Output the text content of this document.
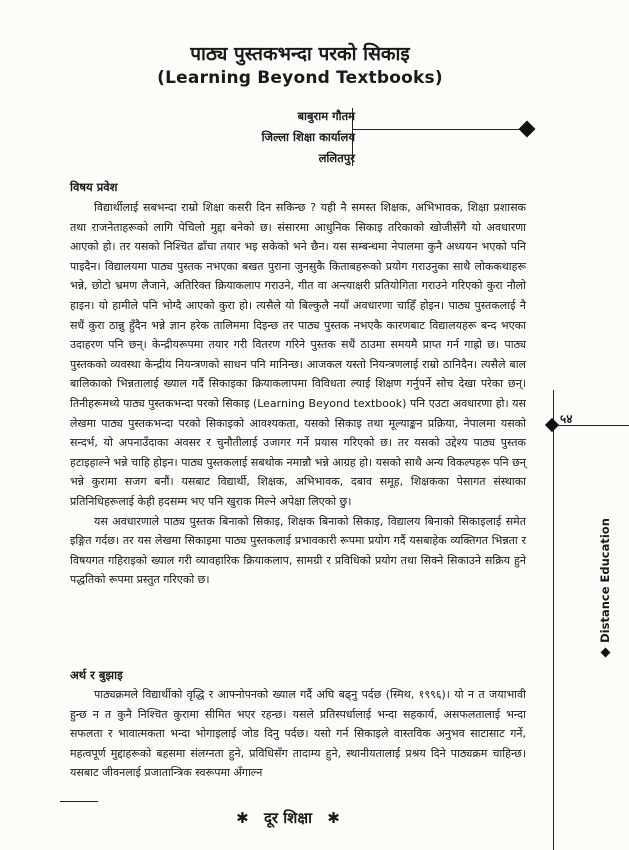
पाठ्य पुस्तकभन्दा परको सिकाइ
(Learning Beyond Textbooks)
बाबुराम गौतम
जिल्ला शिक्षा कार्यालय
ललितपुर
विषय प्रवेश

विद्यार्थीलाई सबभन्दा राम्रो शिक्षा कसरी दिन सकिन्छ ? यही नै समस्त शिक्षक, अभिभावक, शिक्षा प्रशासक तथा राजनेताहरूको लागि पेचिलो मुद्दा बनेको छ। संसारमा आधुनिक सिकाइ तरिकाको खोजीसँगै यो अवधारणा आएको हो। तर यसको निश्चित ढाँचा तयार भइ सकेको भने छैन। यस सम्बन्धमा नेपालमा कुनै अध्ययन भएको पनि पाइदैन। विद्यालयमा पाठ्य पुस्तक नभएका बखत पुराना जुनसुकै किताबहरूको प्रयोग गराउनुका साथै लोककथाहरू भन्ने, छोटो भ्रमण लैजाने, अतिरिक्त क्रियाकलाप गराउने, गीत वा अन्त्याक्षरी प्रतियोगिता गराउने गरिएको कुरा नौलो हाइन। यो हामीले पनि भोग्दै आएको कुरा हो। त्यसैले यो बिल्कुलै नयाँ अवधारणा चाहिँ होइन। पाठ्य पुस्तकलाई नै सधैं कुरा ठान्नु हुँदैन भन्ने ज्ञान हरेक तालिममा दिइन्छ तर पाठ्य पुस्तक नभएकै कारणबाट विद्यालयहरू बन्द भएका उदाहरण पनि छन्। केन्द्रीयरूपमा तयार गरी वितरण गरिने पुस्तक सधैं ठाउमा समयमै प्राप्त गर्न गाह्रो छ। पाठ्य पुस्तकको व्यवस्था केन्द्रीय नियन्त्रणको साधन पनि मानिन्छ। आजकल यस्तो नियन्त्रणलाई राम्रो ठानिदैन। त्यसैले बाल बालिकाको भिन्नतालाई ख्याल गर्दै सिकाइका क्रियाकलापमा विविधता ल्याई शिक्षण गर्नुपर्ने सोच देखा परेका छन्। तिनीहरूमध्ये पाठ्य पुस्तकभन्दा परको सिकाइ (Learning Beyond textbook) पनि एउटा अवधारणा हो। यस लेखमा पाठ्य पुस्तकभन्दा परको सिकाइको आवश्यकता, यसको सिकाइ तथा मूल्याङ्कन प्रक्रिया, नेपालमा यसको सन्दर्भ, यो अपनाउँदाका अवसर र चुनौतीलाई उजागर गर्ने प्रयास गरिएको छ। तर यसको उद्देश्य पाठ्य पुस्तक हटाइहाल्ने भन्ने चाहि होइन। पाठ्य पुस्तकलाई सबथोक नमान्नौ भन्ने आग्रह हो। यसको साथै अन्य विकल्पहरू पनि छन् भन्ने कुरामा सजग बनौं। यसबाट विद्यार्थी, शिक्षक, अभिभावक, दबाव समूह, शिक्षकका पेसागत संस्थाका प्रतिनिधिहरूलाई केही हदसम्म भए पनि खुराक मिल्ने अपेक्षा लिएको छु।

यस अवधारणाले पाठ्य पुस्तक बिनाको सिकाइ, शिक्षक बिनाको सिकाइ, विद्यालय बिनाको सिकाइलाई समेत इङ्गित गर्दछ। तर यस लेखमा सिकाइमा पाठ्य पुस्तकलाई प्रभावकारी रूपमा प्रयोग गर्दै यसबाहेक व्यक्तिगत भिन्नता र विषयगत गहिराइको ख्याल गरी व्यावहारिक क्रियाकलाप, सामग्री र प्रविधिको प्रयोग तथा सिक्ने सिकाउने सक्रिय हुने पद्धतिको रूपमा प्रस्तुत गरिएको छ।

अर्थ र बुझाइ

पाठ्यक्रमले विद्यार्थीको वृद्धि र आफ्नोपनको ख्याल गर्दै अघि बढ्नु पर्दछ (स्मिथ, १९९६)। यो न त जयाभावी हुन्छ न त कुनै निश्चित कुरामा सीमित भएर रहन्छ। यसले प्रतिस्पर्धालाई भन्दा सहकार्य, असफलतालाई भन्दा सफलता र भावात्मकता भन्दा भोगाइलाई जोड दिनु पर्दछ। यसो गर्न सिकाइले वास्तविक अनुभव साटासाट गर्ने, महत्वपूर्ण मुद्दाहरूको बहसमा संलग्नता हुने, प्रविधिसँग तादाम्य हुने, स्थानीयतालाई प्रश्रय दिने पाठ्यक्रम चाहिन्छ। यसबाट जीवनलाई प्रजातान्त्रिक स्वरूपमा अँगाल्न

५४
Distance Education
✱ दूर शिक्षा ✱
